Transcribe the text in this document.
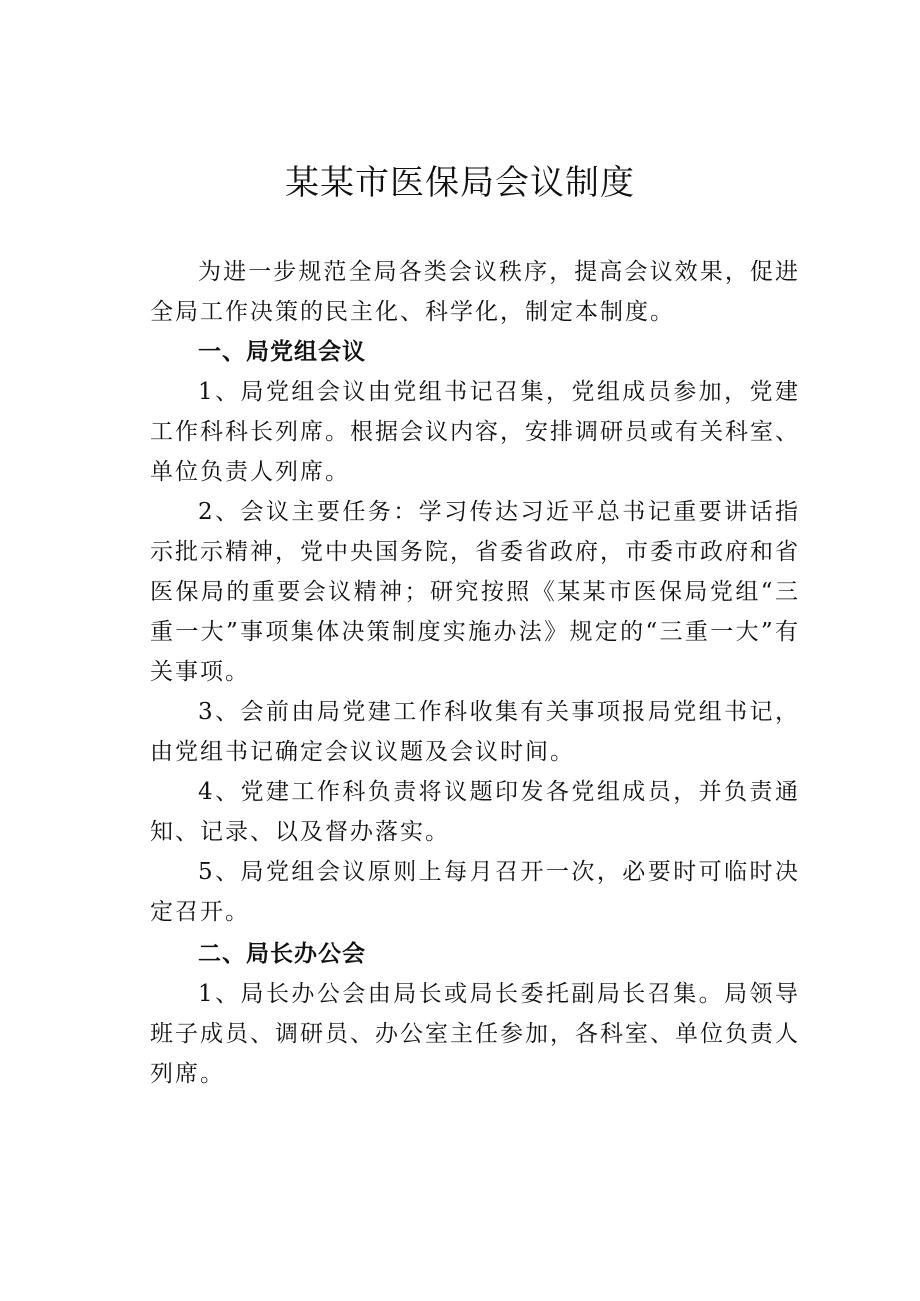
某某市医保局会议制度

为进一步规范全局各类会议秩序，提高会议效果，促进全局工作决策的民主化、科学化，制定本制度。

一、局党组会议

1、局党组会议由党组书记召集，党组成员参加，党建工作科科长列席。根据会议内容，安排调研员或有关科室、单位负责人列席。

2、会议主要任务：学习传达习近平总书记重要讲话指示批示精神，党中央国务院，省委省政府，市委市政府和省医保局的重要会议精神；研究按照《某某市医保局党组“三重一大”事项集体决策制度实施办法》规定的“三重一大”有关事项。

3、会前由局党建工作科收集有关事项报局党组书记，由党组书记确定会议议题及会议时间。

4、党建工作科负责将议题印发各党组成员，并负责通知、记录、以及督办落实。

5、局党组会议原则上每月召开一次，必要时可临时决定召开。

二、局长办公会

1、局长办公会由局长或局长委托副局长召集。局领导班子成员、调研员、办公室主任参加，各科室、单位负责人列席。
